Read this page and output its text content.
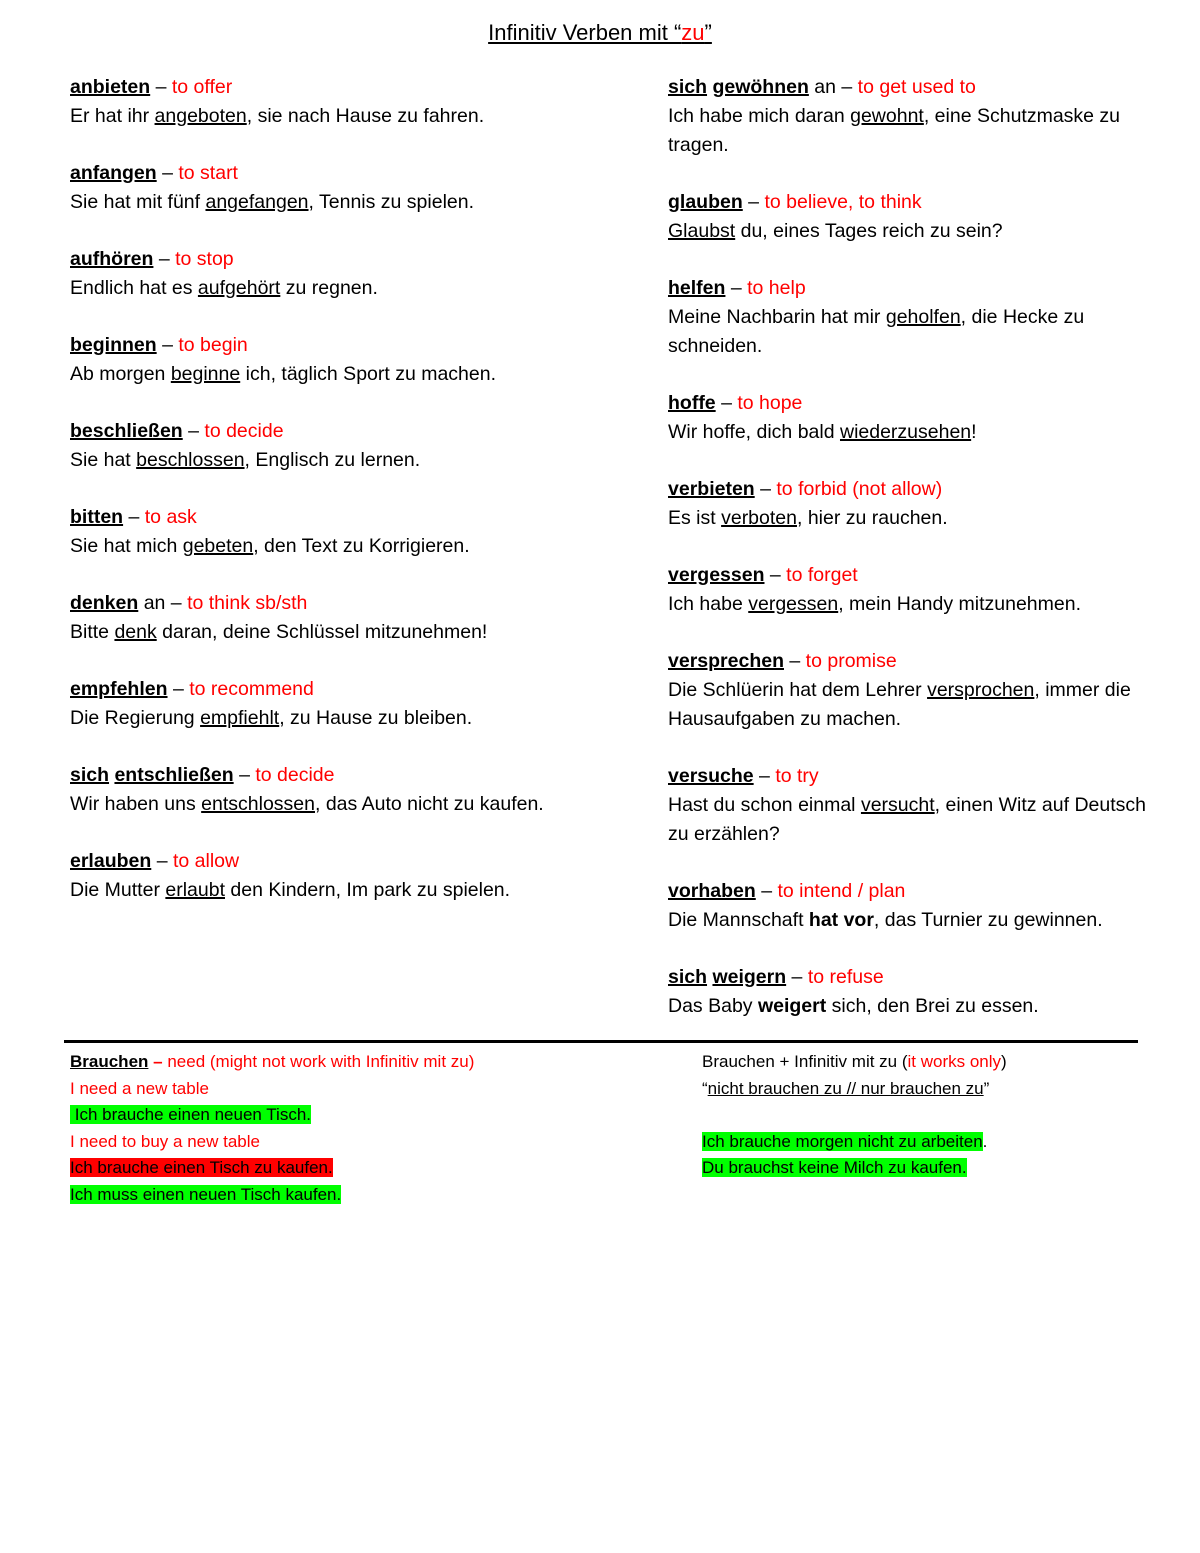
Infinitiv Verben mit “zu”
anbieten – to offer
Er hat ihr angeboten, sie nach Hause zu fahren.
anfangen – to start
Sie hat mit fünf angefangen, Tennis zu spielen.
aufhören – to stop
Endlich hat es aufgehört zu regnen.
beginnen – to begin
Ab morgen beginne ich, täglich Sport zu machen.
beschließen – to decide
Sie hat beschlossen, Englisch zu lernen.
bitten – to ask
Sie hat mich gebeten, den Text zu Korrigieren.
denken an – to think sb/sth
Bitte denk daran, deine Schlüssel mitzunehmen!
empfehlen – to recommend
Die Regierung empfiehlt, zu Hause zu bleiben.
sich entschließen – to decide
Wir haben uns entschlossen, das Auto nicht zu kaufen.
erlauben – to allow
Die Mutter erlaubt den Kindern, Im park zu spielen.
sich gewöhnen an – to get used to
Ich habe mich daran gewohnt, eine Schutzmaske zu tragen.
glauben – to believe, to think
Glaubst du, eines Tages reich zu sein?
helfen – to help
Meine Nachbarin hat mir geholfen, die Hecke zu schneiden.
hoffe – to hope
Wir hoffe, dich bald wiederzusehen!
verbieten – to forbid (not allow)
Es ist verboten, hier zu rauchen.
vergessen – to forget
Ich habe vergessen, mein Handy mitzunehmen.
versprechen – to promise
Die Schlüerin hat dem Lehrer versprochen, immer die Hausaufgaben zu machen.
versuche – to try
Hast du schon einmal versucht, einen Witz auf Deutsch zu erzählen?
vorhaben – to intend / plan
Die Mannschaft hat vor, das Turnier zu gewinnen.
sich weigern – to refuse
Das Baby weigert sich, den Brei zu essen.
Brauchen – need (might not work with Infinitiv mit zu)
I need a new table
Ich brauche einen neuen Tisch.
I need to buy a new table
Ich brauche einen Tisch zu kaufen.
Ich muss einen neuen Tisch kaufen.
Brauchen + Infinitiv mit zu (it works only)
“nicht brauchen zu // nur brauchen zu”
Ich brauche morgen nicht zu arbeiten.
Du brauchst keine Milch zu kaufen.
